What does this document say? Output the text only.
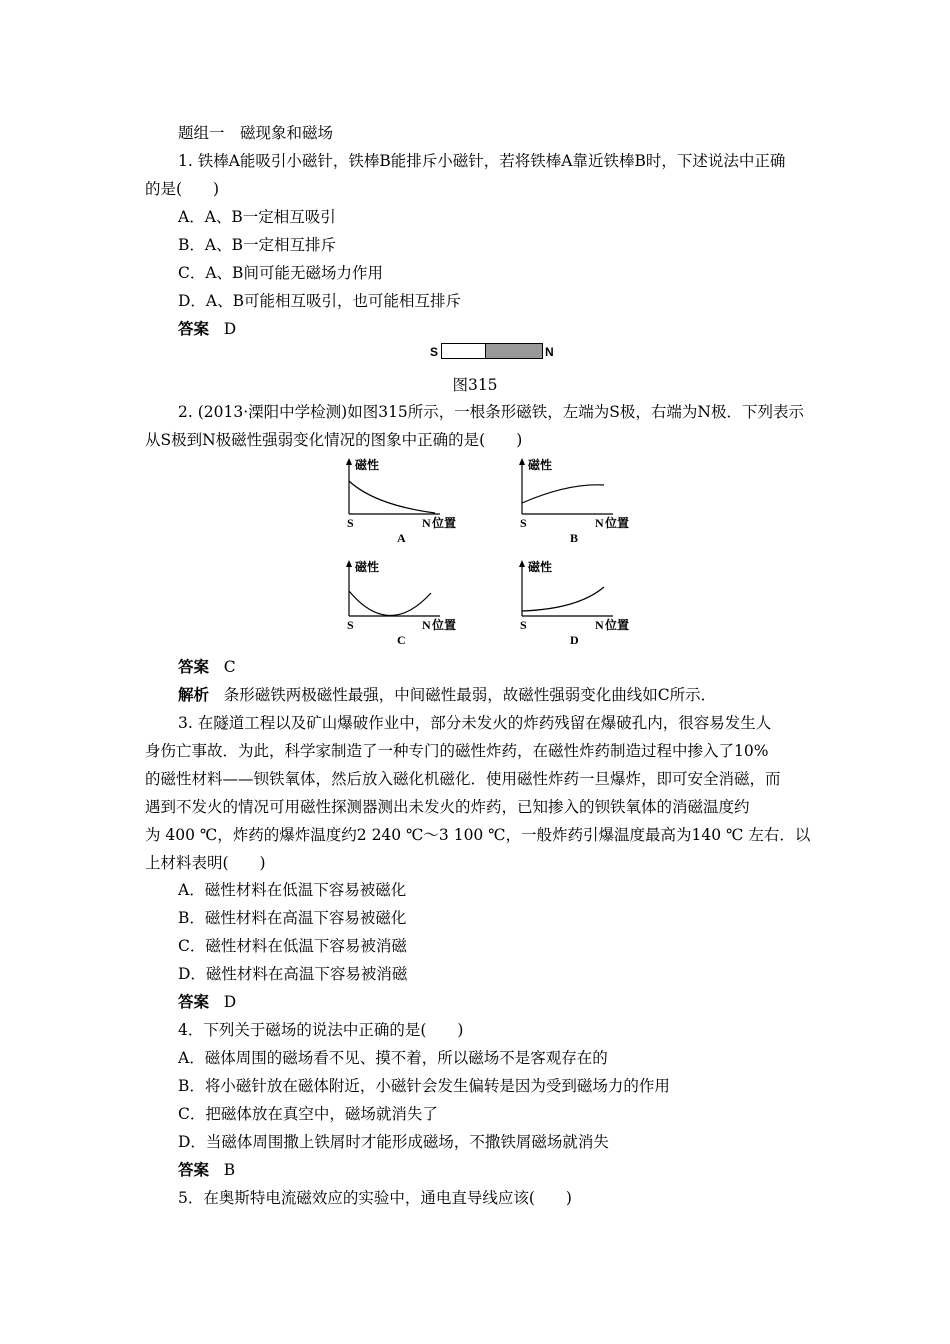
题组一　磁现象和磁场
1. 铁棒A能吸引小磁针，铁棒B能排斥小磁针，若将铁棒A靠近铁棒B时，下述说法中正确
的是(　　)
A．A、B一定相互吸引
B．A、B一定相互排斥
C．A、B间可能无磁场力作用
D．A、B可能相互吸引，也可能相互排斥
答案 D
S	N
图315
2. (2013·溧阳中学检测)如图315所示，一根条形磁铁，左端为S极，右端为N极．下列表示
从S极到N极磁性强弱变化情况的图象中正确的是(　　)
磁性
S	N 位置
A
磁性
S	N 位置
B
磁性
S	N 位置
C
磁性
S	N 位置
D
答案 C
解析 条形磁铁两极磁性最强，中间磁性最弱，故磁性强弱变化曲线如C所示．
3. 在隧道工程以及矿山爆破作业中，部分未发火的炸药残留在爆破孔内，很容易发生人
身伤亡事故．为此，科学家制造了一种专门的磁性炸药，在磁性炸药制造过程中掺入了10%
的磁性材料——钡铁氧体，然后放入磁化机磁化．使用磁性炸药一旦爆炸，即可安全消磁，而
遇到不发火的情况可用磁性探测器测出未发火的炸药，已知掺入的钡铁氧体的消磁温度约
为 400 ℃，炸药的爆炸温度约2 240 ℃～3 100 ℃，一般炸药引爆温度最高为140 ℃ 左右．以
上材料表明(　　)
A．磁性材料在低温下容易被磁化
B．磁性材料在高温下容易被磁化
C．磁性材料在低温下容易被消磁
D．磁性材料在高温下容易被消磁
答案 D
4．下列关于磁场的说法中正确的是(　　)
A．磁体周围的磁场看不见、摸不着，所以磁场不是客观存在的
B．将小磁针放在磁体附近，小磁针会发生偏转是因为受到磁场力的作用
C．把磁体放在真空中，磁场就消失了
D．当磁体周围撒上铁屑时才能形成磁场，不撒铁屑磁场就消失
答案 B
5．在奥斯特电流磁效应的实验中，通电直导线应该(　　)
